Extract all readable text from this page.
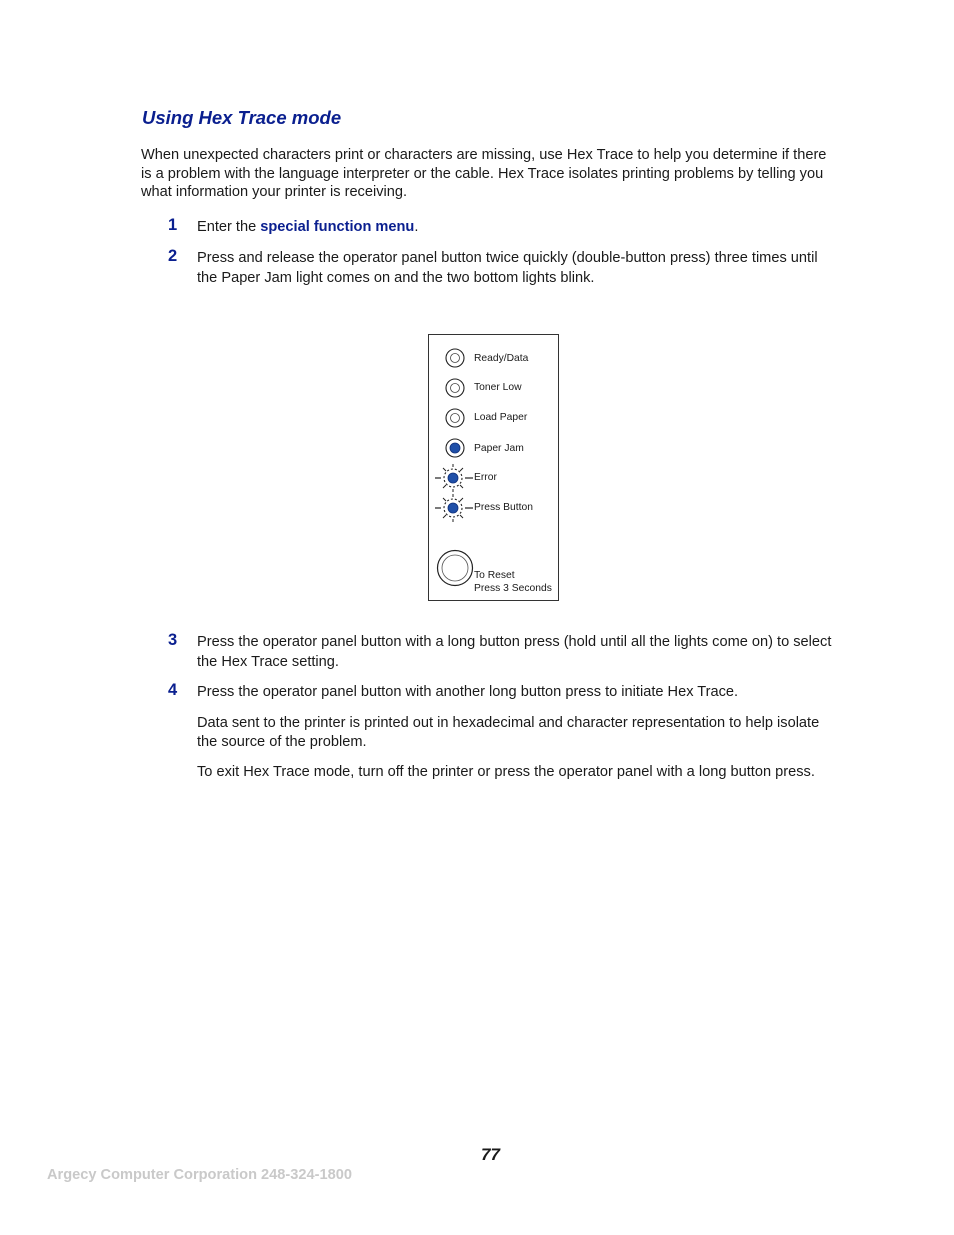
Using Hex Trace mode

When unexpected characters print or characters are missing, use Hex Trace to help you determine if there is a problem with the language interpreter or the cable. Hex Trace isolates printing problems by telling you what information your printer is receiving.

1 Enter the special function menu.

2 Press and release the operator panel button twice quickly (double-button press) three times until the Paper Jam light comes on and the two bottom lights blink.

Ready/Data
Toner Low
Load Paper
Paper Jam
Error
Press Button
To Reset
Press 3 Seconds
3 Press the operator panel button with a long button press (hold until all the lights come on) to select the Hex Trace setting.

4 Press the operator panel button with another long button press to initiate Hex Trace.

Data sent to the printer is printed out in hexadecimal and character representation to help isolate the source of the problem.

To exit Hex Trace mode, turn off the printer or press the operator panel with a long button press.

77

Argecy Computer Corporation 248-324-1800
